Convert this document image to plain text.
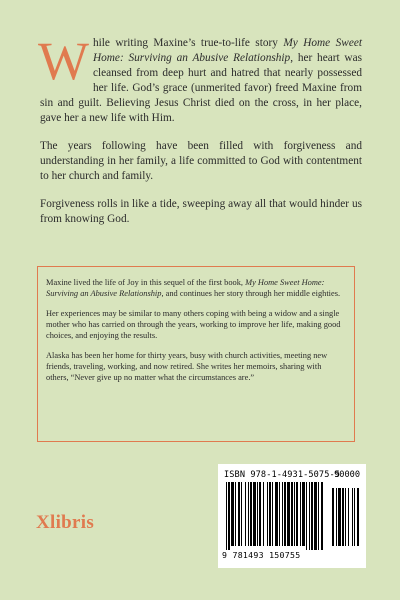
While writing Maxine’s true-to-life story My Home Sweet Home: Surviving an Abusive Relationship, her heart was cleansed from deep hurt and hatred that nearly possessed her life. God’s grace (unmerited favor) freed Maxine from sin and guilt. Believing Jesus Christ died on the cross, in her place, gave her a new life with Him.

The years following have been filled with forgiveness and understanding in her family, a life committed to God with contentment to her church and family.

Forgiveness rolls in like a tide, sweeping away all that would hinder us from knowing God.

Maxine lived the life of Joy in this sequel of the first book, My Home Sweet Home: Surviving an Abusive Relationship, and continues her story through her middle eighties.

Her experiences may be similar to many others coping with being a widow and a single mother who has carried on through the years, working to improve her life, making good choices, and enjoying the results.

Alaska has been her home for thirty years, busy with church activities, meeting new friends, traveling, working, and now retired. She writes her memoirs, sharing with others, “Never give up no matter what the circumstances are.”

ISBN 978-1-4931-5075-5
9 781493 150755
90000
Xlibris
